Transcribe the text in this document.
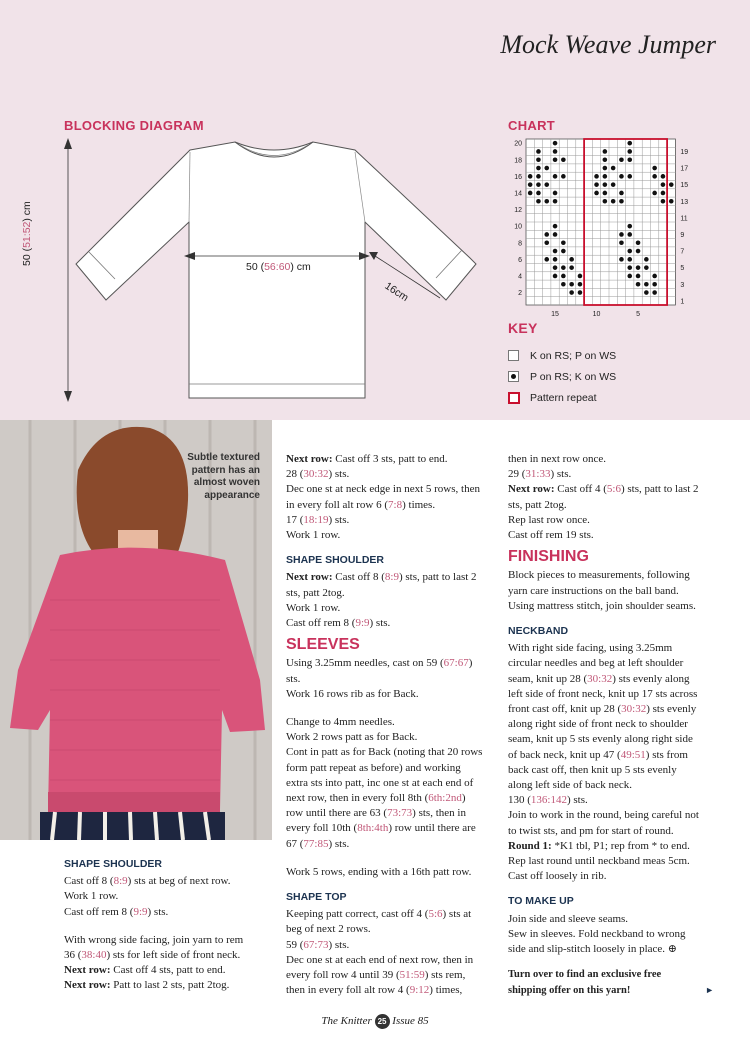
Mock Weave Jumper
BLOCKING DIAGRAM
50 (56:60) cm
50 (51:52) cm
16cm
CHART
20
18
16
14
12
10
8
6
4
2
19
17
15
13
11
9
7
5
3
1
15	10	5
KEY
K on RS; P on WS
P on RS; K on WS
Pattern repeat
Subtle textured
pattern has an
almost woven
appearance
SHAPE SHOULDER

Cast off 8 (8:9) sts at beg of next row.

Work 1 row.

Cast off rem 8 (9:9) sts.

With wrong side facing, join yarn to rem

36 (38:40) sts for left side of front neck.

Next row: Cast off 4 sts, patt to end.

Next row: Patt to last 2 sts, patt 2tog.

Next row: Cast off 3 sts, patt to end.

28 (30:32) sts.

Dec one st at neck edge in next 5 rows, then

in every foll alt row 6 (7:8) times.

17 (18:19) sts.

Work 1 row.

SHAPE SHOULDER

Next row: Cast off 8 (8:9) sts, patt to last 2

sts, patt 2tog.

Work 1 row.

Cast off rem 8 (9:9) sts.

SLEEVES

Using 3.25mm needles, cast on 59 (67:67)

sts.

Work 16 rows rib as for Back.

Change to 4mm needles.

Work 2 rows patt as for Back.

Cont in patt as for Back (noting that 20 rows

form patt repeat as before) and working

extra sts into patt, inc one st at each end of

next row, then in every foll 8th (6th:2nd)

row until there are 63 (73:73) sts, then in

every foll 10th (8th:4th) row until there are

67 (77:85) sts.

Work 5 rows, ending with a 16th patt row.

SHAPE TOP

Keeping patt correct, cast off 4 (5:6) sts at

beg of next 2 rows.

59 (67:73) sts.

Dec one st at each end of next row, then in

every foll row 4 until 39 (51:59) sts rem,

then in every foll alt row 4 (9:12) times,

then in next row once.

29 (31:33) sts.

Next row: Cast off 4 (5:6) sts, patt to last 2

sts, patt 2tog.

Rep last row once.

Cast off rem 19 sts.

FINISHING

Block pieces to measurements, following

yarn care instructions on the ball band.

Using mattress stitch, join shoulder seams.

NECKBAND

With right side facing, using 3.25mm

circular needles and beg at left shoulder

seam, knit up 28 (30:32) sts evenly along

left side of front neck, knit up 17 sts across

front cast off, knit up 28 (30:32) sts evenly

along right side of front neck to shoulder

seam, knit up 5 sts evenly along right side

of back neck, knit up 47 (49:51) sts from

back cast off, then knit up 5 sts evenly

along left side of back neck.

130 (136:142) sts.

Join to work in the round, being careful not

to twist sts, and pm for start of round.

Round 1: *K1 tbl, P1; rep from * to end.

Rep last round until neckband meas 5cm.

Cast off loosely in rib.

TO MAKE UP

Join side and sleeve seams.

Sew in sleeves. Fold neckband to wrong

side and slip-stitch loosely in place. ⊕

Turn over to find an exclusive free

shipping offer on this yarn!	►

The Knitter 25 Issue 85
